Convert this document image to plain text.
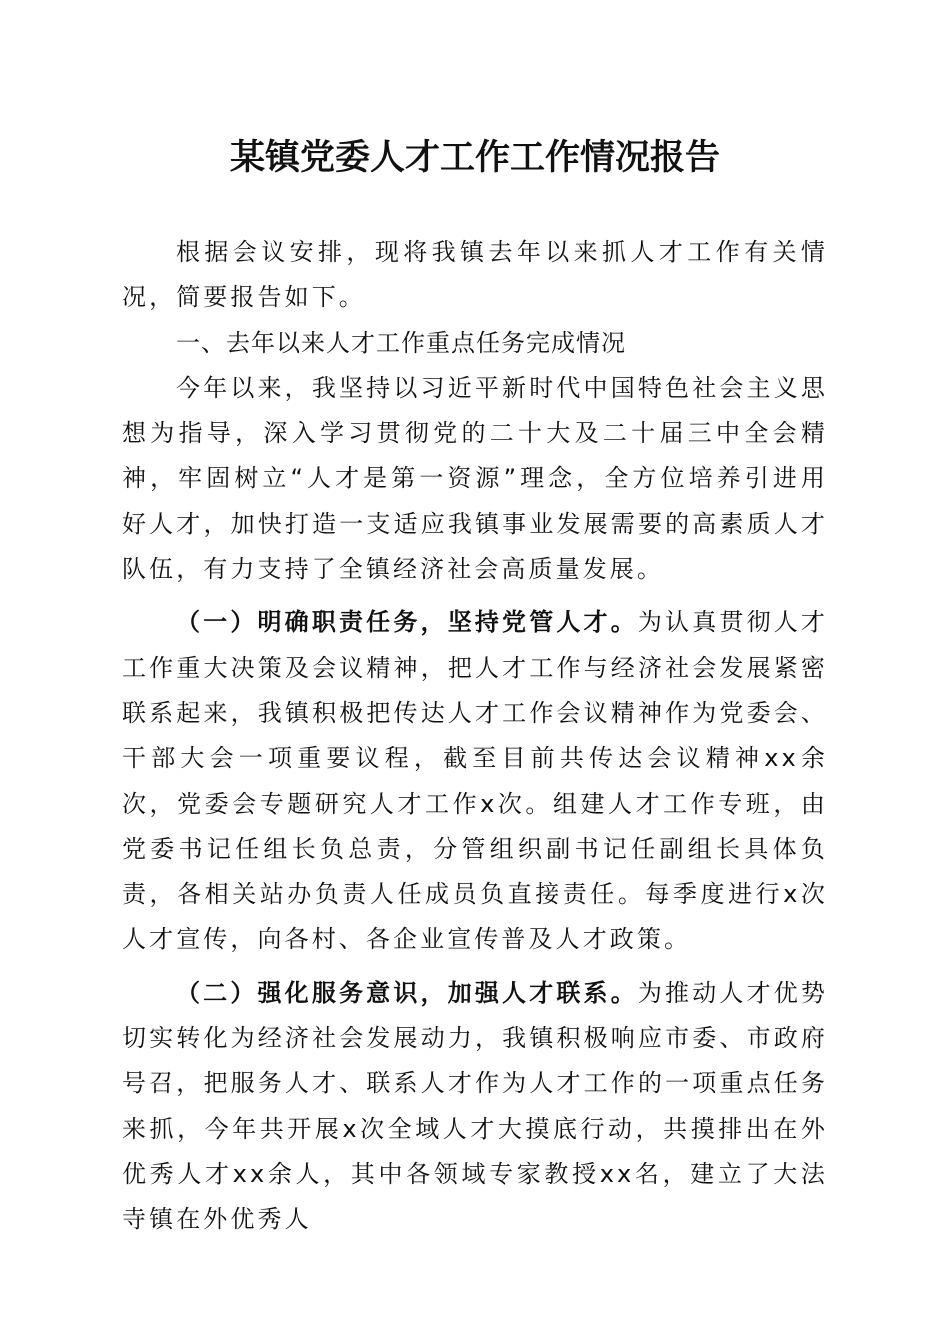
某镇党委人才工作工作情况报告

根据会议安排，现将我镇去年以来抓人才工作有关情况，简要报告如下。

一、去年以来人才工作重点任务完成情况

今年以来，我坚持以习近平新时代中国特色社会主义思想为指导，深入学习贯彻党的二十大及二十届三中全会精神，牢固树立“人才是第一资源”理念，全方位培养引进用好人才，加快打造一支适应我镇事业发展需要的高素质人才队伍，有力支持了全镇经济社会高质量发展。

（一）明确职责任务，坚持党管人才。为认真贯彻人才工作重大决策及会议精神，把人才工作与经济社会发展紧密联系起来，我镇积极把传达人才工作会议精神作为党委会、干部大会一项重要议程，截至目前共传达会议精神xx余次，党委会专题研究人才工作x次。组建人才工作专班，由党委书记任组长负总责，分管组织副书记任副组长具体负责，各相关站办负责人任成员负直接责任。每季度进行x次人才宣传，向各村、各企业宣传普及人才政策。

（二）强化服务意识，加强人才联系。为推动人才优势切实转化为经济社会发展动力，我镇积极响应市委、市政府号召，把服务人才、联系人才作为人才工作的一项重点任务来抓，今年共开展x次全域人才大摸底行动，共摸排出在外优秀人才xx余人，其中各领域专家教授xx名，建立了大法寺镇在外优秀人
